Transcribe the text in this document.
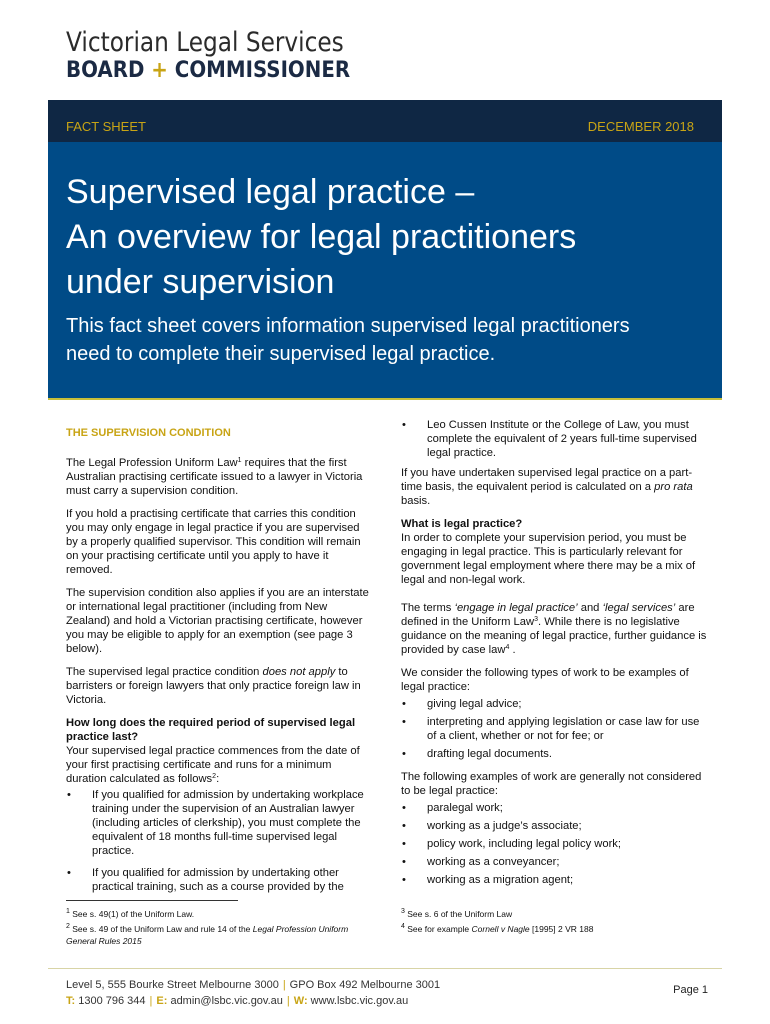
Victorian Legal Services
BOARD + COMMISSIONER
FACT SHEET	DECEMBER 2018
Supervised legal practice –
An overview for legal practitioners
under supervision
This fact sheet covers information supervised legal practitioners need to complete their supervised legal practice.
THE SUPERVISION CONDITION

The Legal Profession Uniform Law$^1$ requires that the first Australian practising certificate issued to a lawyer in Victoria must carry a supervision condition.

If you hold a practising certificate that carries this condition you may only engage in legal practice if you are supervised by a properly qualified supervisor. This condition will remain on your practising certificate until you apply to have it removed.

The supervision condition also applies if you are an interstate or international legal practitioner (including from New Zealand) and hold a Victorian practising certificate, however you may be eligible to apply for an exemption (see page 3 below).

The supervised legal practice condition does not apply to barristers or foreign lawyers that only practice foreign law in Victoria.

How long does the required period of supervised legal practice last?

Your supervised legal practice commences from the date of your first practising certificate and runs for a minimum duration calculated as follows$^2$:

• If you qualified for admission by undertaking workplace training under the supervision of an Australian lawyer (including articles of clerkship), you must complete the equivalent of 18 months full-time supervised legal practice.
• If you qualified for admission by undertaking other practical training, such as a course provided by the
• Leo Cussen Institute or the College of Law, you must complete the equivalent of 2 years full-time supervised legal practice.

If you have undertaken supervised legal practice on a part-time basis, the equivalent period is calculated on a pro rata basis.

What is legal practice?

In order to complete your supervision period, you must be engaging in legal practice. This is particularly relevant for government legal employment where there may be a mix of legal and non-legal work.

The terms ‘engage in legal practice’ and ‘legal services’ are defined in the Uniform Law$^3$. While there is no legislative guidance on the meaning of legal practice, further guidance is provided by case law$^4$ .

We consider the following types of work to be examples of legal practice:

• giving legal advice;
• interpreting and applying legislation or case law for use of a client, whether or not for fee; or
• drafting legal documents.

The following examples of work are generally not considered to be legal practice:

• paralegal work;
• working as a judge’s associate;
• policy work, including legal policy work;
• working as a conveyancer;
• working as a migration agent;
$^1$ See s. 49(1) of the Uniform Law.
$^2$ See s. 49 of the Uniform Law and rule 14 of the Legal Profession Uniform General Rules 2015
$^3$ See s. 6 of the Uniform Law
$^4$ See for example Cornell v Nagle [1995] 2 VR 188
Level 5, 555 Bourke Street Melbourne 3000 | GPO Box 492 Melbourne 3001
T: 1300 796 344 | E: admin@lsbc.vic.gov.au | W: www.lsbc.vic.gov.au
Page 1
